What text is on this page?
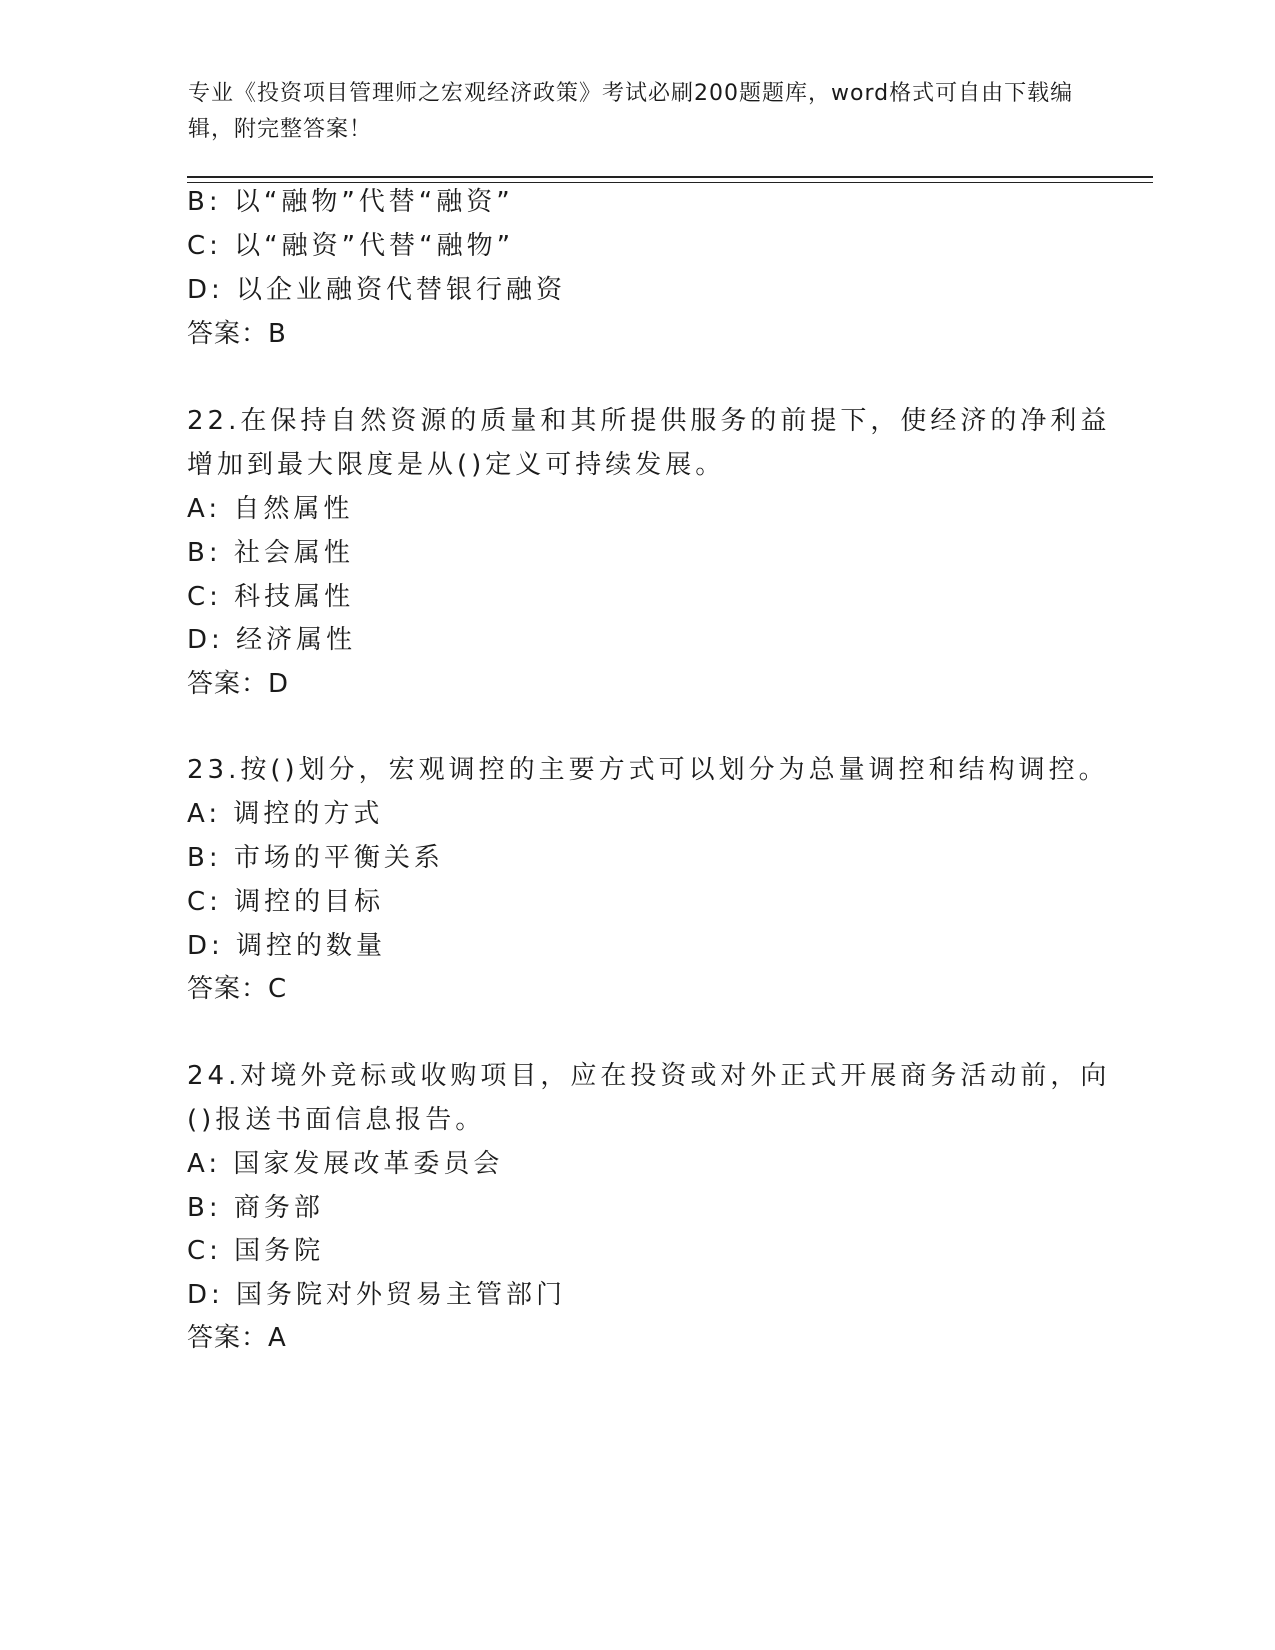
专业《投资项目管理师之宏观经济政策》考试必刷200题题库，word格式可自由下载编辑，附完整答案！
B: 以“融物”代替“融资”
C: 以“融资”代替“融物”
D: 以企业融资代替银行融资
答案：B
22.在保持自然资源的质量和其所提供服务的前提下，使经济的净利益
增加到最大限度是从()定义可持续发展。
A: 自然属性
B: 社会属性
C: 科技属性
D: 经济属性
答案：D
23.按()划分，宏观调控的主要方式可以划分为总量调控和结构调控。
A: 调控的方式
B: 市场的平衡关系
C: 调控的目标
D: 调控的数量
答案：C
24.对境外竞标或收购项目，应在投资或对外正式开展商务活动前，向
()报送书面信息报告。
A: 国家发展改革委员会
B: 商务部
C: 国务院
D: 国务院对外贸易主管部门
答案：A
